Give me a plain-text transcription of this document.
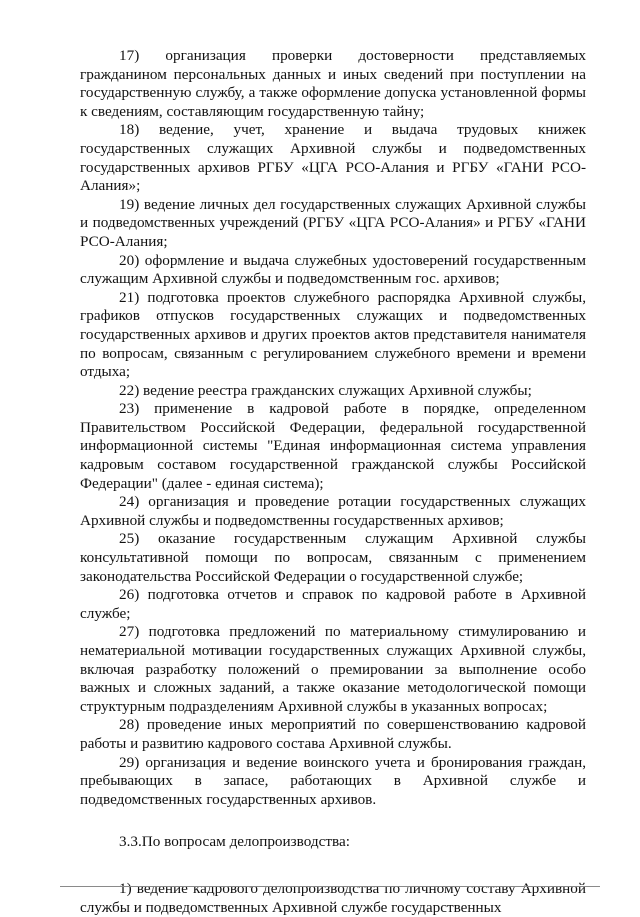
17) организация проверки достоверности представляемых гражданином персональных данных и иных сведений при поступлении на государственную службу, а также оформление допуска установленной формы к сведениям, составляющим государственную тайну;

18) ведение, учет, хранение и выдача трудовых книжек государственных служащих Архивной службы и подведомственных государственных архивов РГБУ «ЦГА РСО-Алания и РГБУ «ГАНИ РСО-Алания»;

19) ведение личных дел государственных служащих Архивной службы и подведомственных учреждений (РГБУ «ЦГА РСО-Алания» и РГБУ «ГАНИ РСО-Алания;

20) оформление и выдача служебных удостоверений государственным служащим Архивной службы и подведомственным гос. архивов;

21) подготовка проектов служебного распорядка Архивной службы, графиков отпусков государственных служащих и подведомственных государственных архивов и других проектов актов представителя нанимателя по вопросам, связанным с регулированием служебного времени и времени отдыха;

22) ведение реестра гражданских служащих Архивной службы;

23) применение в кадровой работе в порядке, определенном Правительством Российской Федерации, федеральной государственной информационной системы "Единая информационная система управления кадровым составом государственной гражданской службы Российской Федерации" (далее - единая система);

24) организация и проведение ротации государственных служащих Архивной службы и подведомственны государственных архивов;

25) оказание государственным служащим Архивной службы консультативной помощи по вопросам, связанным с применением законодательства Российской Федерации о государственной службе;

26) подготовка отчетов и справок по кадровой работе в Архивной службе;

27) подготовка предложений по материальному стимулированию и нематериальной мотивации государственных служащих Архивной службы, включая разработку положений о премировании за выполнение особо важных и сложных заданий, а также оказание методологической помощи структурным подразделениям Архивной службы в указанных вопросах;

28) проведение иных мероприятий по совершенствованию кадровой работы и развитию кадрового состава Архивной службы.

29) организация и ведение воинского учета и бронирования граждан, пребывающих в запасе, работающих в Архивной службе и подведомственных государственных архивов.

3.3.По вопросам делопроизводства:

1) ведение кадрового делопроизводства по личному составу Архивной службы и подведомственных Архивной службе государственных
